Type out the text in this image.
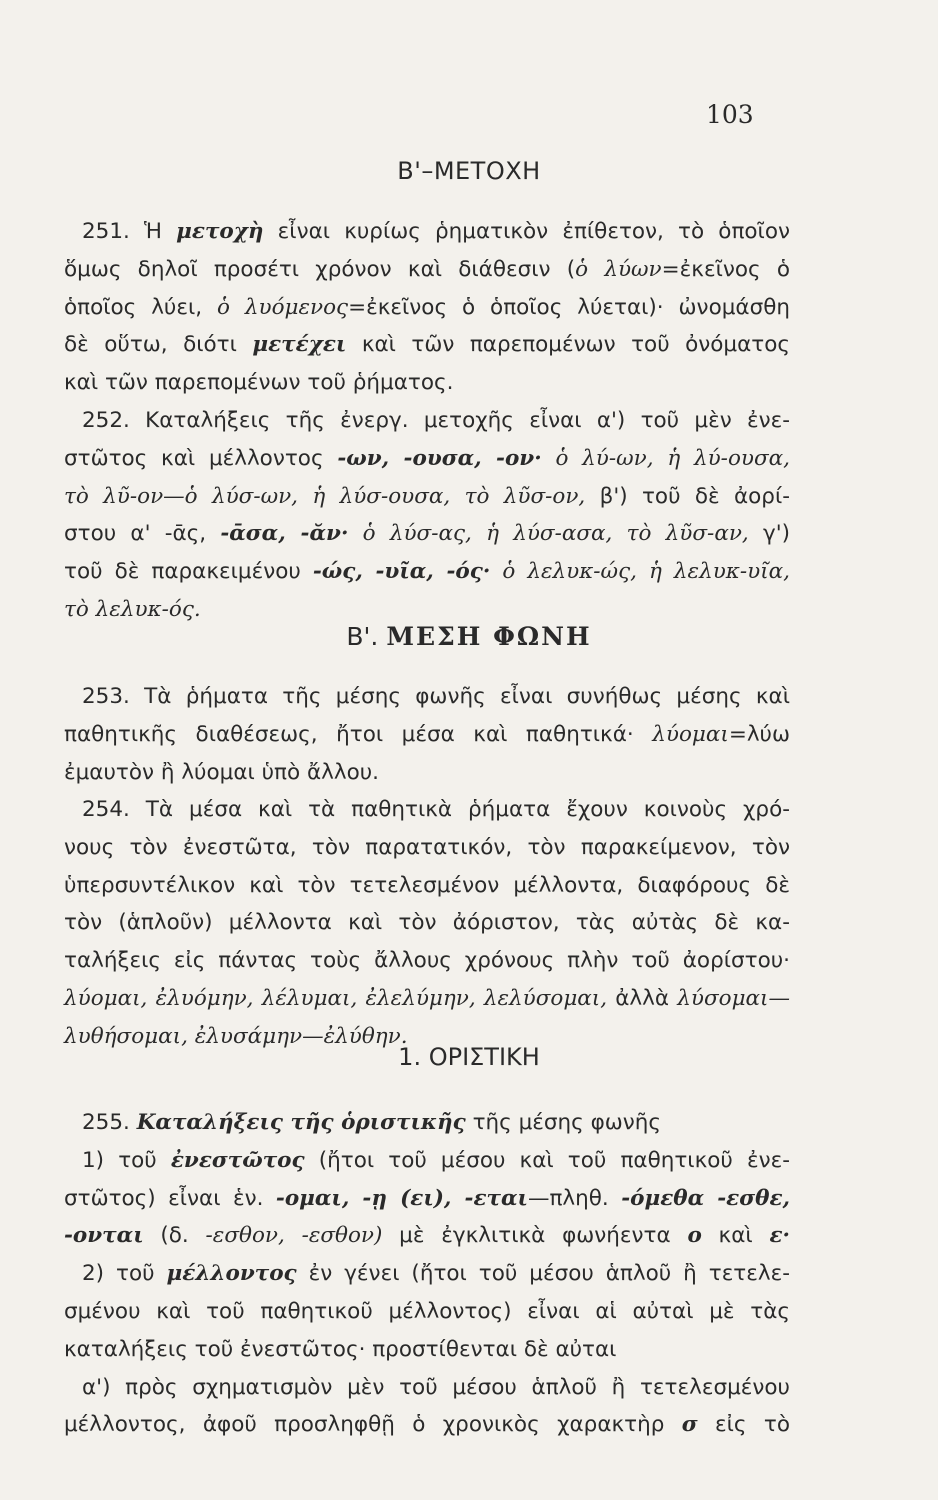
103
Β'–ΜΕΤΟΧΗ
251. Ἡ μετοχὴ εἶναι κυρίως ῥηματικὸν ἐπίθετον, τὸ ὁποῖον
ὅμως δηλοῖ προσέτι χρόνον καὶ διάθεσιν (ὁ λύων=ἐκεῖνος ὁ
ὁποῖος λύει, ὁ λυόμενος=ἐκεῖνος ὁ ὁποῖος λύεται)· ὠνομάσθη
δὲ οὕτω, διότι μετέχει καὶ τῶν παρεπομένων τοῦ ὀνόματος
καὶ τῶν παρεπομένων τοῦ ῥήματος.
252. Καταλήξεις τῆς ἐνεργ. μετοχῆς εἶναι α') τοῦ μὲν ἐνε-
στῶτος καὶ μέλλοντος -ων, -ουσα, -ον· ὁ λύ-ων, ἡ λύ-ουσα,
τὸ λῦ-ον—ὁ λύσ-ων, ἡ λύσ-ουσα, τὸ λῦσ-ον, β') τοῦ δὲ ἀορί-
στου α' -ᾱς, -ᾱσα, -ᾰν· ὁ λύσ-ας, ἡ λύσ-ασα, τὸ λῦσ-αν, γ')
τοῦ δὲ παρακειμένου -ώς, -υῖα, -ός· ὁ λελυκ-ώς, ἡ λελυκ-υῖα,
τὸ λελυκ-ός.
Β'. ΜΕΣΗ ΦΩΝΗ
253. Τὰ ῥήματα τῆς μέσης φωνῆς εἶναι συνήθως μέσης καὶ
παθητικῆς διαθέσεως, ἤτοι μέσα καὶ παθητικά· λύομαι=λύω
ἐμαυτὸν ἢ λύομαι ὑπὸ ἄλλου.
254. Τὰ μέσα καὶ τὰ παθητικὰ ῥήματα ἔχουν κοινοὺς χρό-
νους τὸν ἐνεστῶτα, τὸν παρατατικόν, τὸν παρακείμενον, τὸν
ὑπερσυντέλικον καὶ τὸν τετελεσμένον μέλλοντα, διαφόρους δὲ
τὸν (ἁπλοῦν) μέλλοντα καὶ τὸν ἀόριστον, τὰς αὐτὰς δὲ κα-
ταλήξεις εἰς πάντας τοὺς ἄλλους χρόνους πλὴν τοῦ ἀορίστου·
λύομαι, ἐλυόμην, λέλυμαι, ἐλελύμην, λελύσομαι, ἀλλὰ λύσομαι—
λυθήσομαι, ἐλυσάμην—ἐλύθην.
1. ΟΡΙΣΤΙΚΗ
255. Καταλήξεις τῆς ὁριστικῆς τῆς μέσης φωνῆς
1) τοῦ ἐνεστῶτος (ἤτοι τοῦ μέσου καὶ τοῦ παθητικοῦ ἐνε-
στῶτος) εἶναι ἑν. -ομαι, -ῃ (ει), -εται—πληθ. -όμεθα -εσθε,
-ονται (δ. -εσθον, -εσθον) μὲ ἐγκλιτικὰ φωνήεντα ο καὶ ε·
2) τοῦ μέλλοντος ἐν γένει (ἤτοι τοῦ μέσου ἁπλοῦ ἢ τετελε-
σμένου καὶ τοῦ παθητικοῦ μέλλοντος) εἶναι αἱ αὐταὶ μὲ τὰς
καταλήξεις τοῦ ἐνεστῶτος· προστίθενται δὲ αὐται
α') πρὸς σχηματισμὸν μὲν τοῦ μέσου ἁπλοῦ ἢ τετελεσμένου
μέλλοντος, ἀφοῦ προσληφθῇ ὁ χρονικὸς χαρακτὴρ σ εἰς τὸ
